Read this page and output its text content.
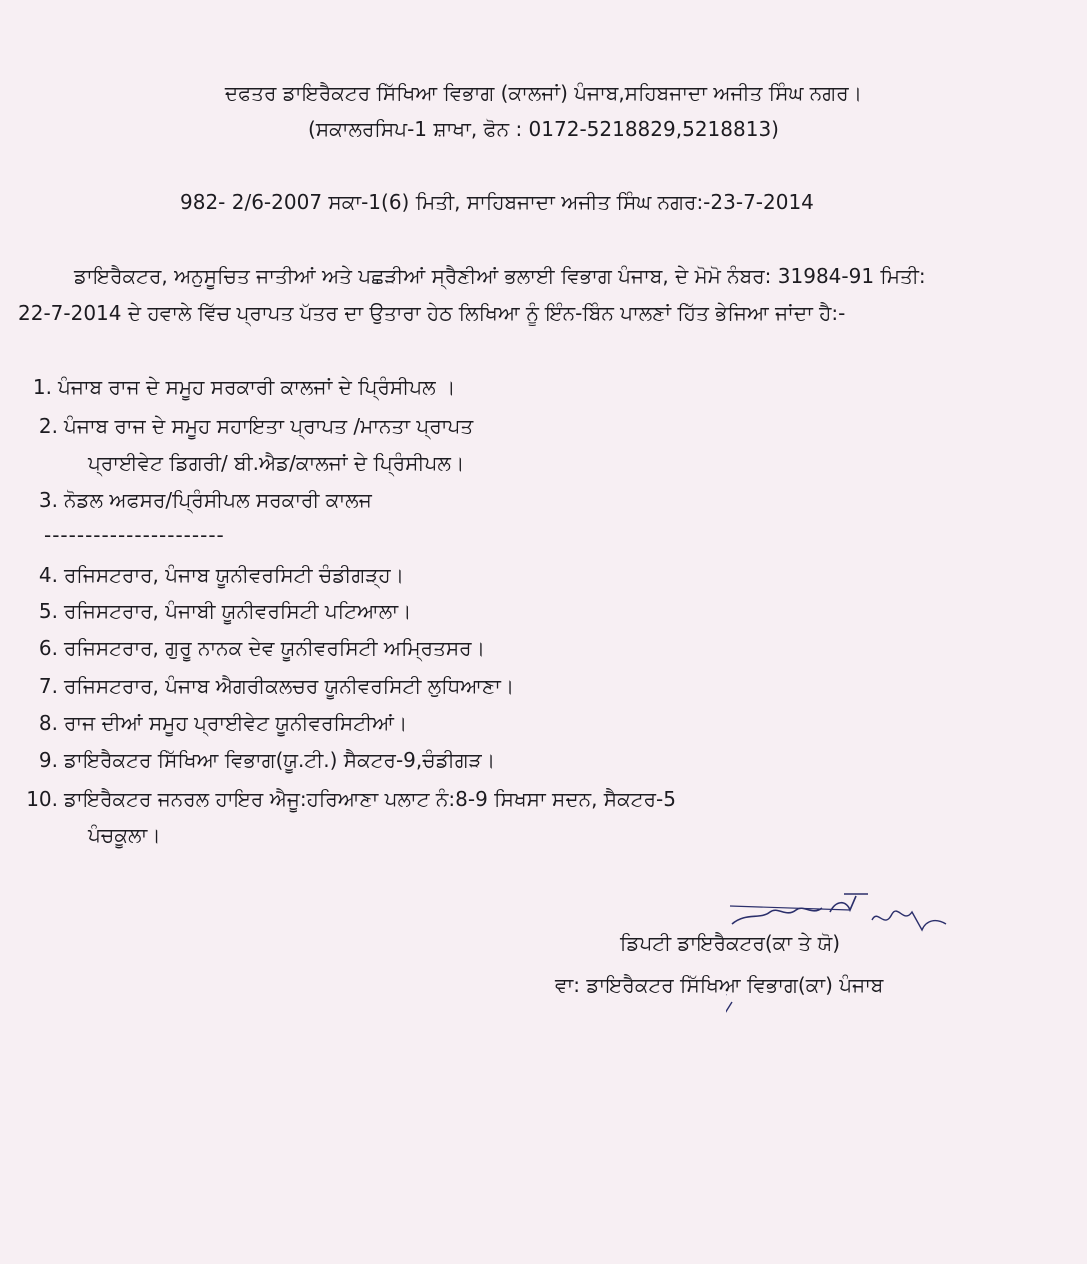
ਦਫਤਰ ਡਾਇਰੈਕਟਰ ਸਿੱਖਿਆ ਵਿਭਾਗ (ਕਾਲਜਾਂ) ਪੰਜਾਬ,ਸਹਿਬਜਾਦਾ ਅਜੀਤ ਸਿੰਘ ਨਗਰ।
(ਸਕਾਲਰਸਿਪ-1 ਸ਼ਾਖਾ, ਫੋਨ : 0172-5218829,5218813)
982- 2/6-2007 ਸਕਾ-1(6) ਮਿਤੀ, ਸਾਹਿਬਜਾਦਾ ਅਜੀਤ ਸਿੰਘ ਨਗਰ:-23-7-2014
ਡਾਇਰੈਕਟਰ, ਅਨੁਸੂਚਿਤ ਜਾਤੀਆਂ ਅਤੇ ਪਛੜੀਆਂ ਸ੍ਰੈਣੀਆਂ ਭਲਾਈ ਵਿਭਾਗ ਪੰਜਾਬ, ਦੇ ਮੋਮੋ ਨੰਬਰ: 31984-91 ਮਿਤੀ:
22-7-2014 ਦੇ ਹਵਾਲੇ ਵਿੱਚ ਪ੍ਰਾਪਤ ਪੱਤਰ ਦਾ ਉਤਾਰਾ ਹੇਠ ਲਿਖਿਆ ਨੂੰ ਇੰਨ-ਬਿੰਨ ਪਾਲਣਾਂ ਹਿੱਤ ਭੇਜਿਆ ਜਾਂਦਾ ਹੈ:-
1. ਪੰਜਾਬ ਰਾਜ ਦੇ ਸਮੂਹ ਸਰਕਾਰੀ ਕਾਲਜਾਂ ਦੇ ਪ੍ਰਿੰਸੀਪਲ ।
2. ਪੰਜਾਬ ਰਾਜ ਦੇ ਸਮੂਹ ਸਹਾਇਤਾ ਪ੍ਰਾਪਤ /ਮਾਨਤਾ ਪ੍ਰਾਪਤ
ਪ੍ਰਾਈਵੇਟ ਡਿਗਰੀ/ ਬੀ.ਐਡ/ਕਾਲਜਾਂ ਦੇ ਪ੍ਰਿੰਸੀਪਲ।
3. ਨੋਡਲ ਅਫਸਰ/ਪ੍ਰਿੰਸੀਪਲ ਸਰਕਾਰੀ ਕਾਲਜ
----------------------
4. ਰਜਿਸਟਰਾਰ, ਪੰਜਾਬ ਯੂਨੀਵਰਸਿਟੀ ਚੰਡੀਗੜ੍ਹ।
5. ਰਜਿਸਟਰਾਰ, ਪੰਜਾਬੀ ਯੂਨੀਵਰਸਿਟੀ ਪਟਿਆਲਾ।
6. ਰਜਿਸਟਰਾਰ, ਗੁਰੂ ਨਾਨਕ ਦੇਵ ਯੂਨੀਵਰਸਿਟੀ ਅਮ੍ਰਿਤਸਰ।
7. ਰਜਿਸਟਰਾਰ, ਪੰਜਾਬ ਐਗਰੀਕਲਚਰ ਯੂਨੀਵਰਸਿਟੀ ਲੁਧਿਆਣਾ।
8. ਰਾਜ ਦੀਆਂ ਸਮੂਹ ਪ੍ਰਾਈਵੇਟ ਯੂਨੀਵਰਸਿਟੀਆਂ।
9. ਡਾਇਰੈਕਟਰ ਸਿੱਖਿਆ ਵਿਭਾਗ(ਯੂ.ਟੀ.) ਸੈਕਟਰ-9,ਚੰਡੀਗੜ।
10. ਡਾਇਰੈਕਟਰ ਜਨਰਲ ਹਾਇਰ ਐਜੂ:ਹਰਿਆਣਾ ਪਲਾਟ ਨੰ:8-9 ਸਿਖਸਾ ਸਦਨ, ਸੈਕਟਰ-5
ਪੰਚਕੂਲਾ।
ਡਿਪਟੀ ਡਾਇਰੈਕਟਰ(ਕਾ ਤੇ ਯੋ)
ਵਾ: ਡਾਇਰੈਕਟਰ ਸਿੱਖਿਆ ਵਿਭਾਗ(ਕਾ) ਪੰਜਾਬ
